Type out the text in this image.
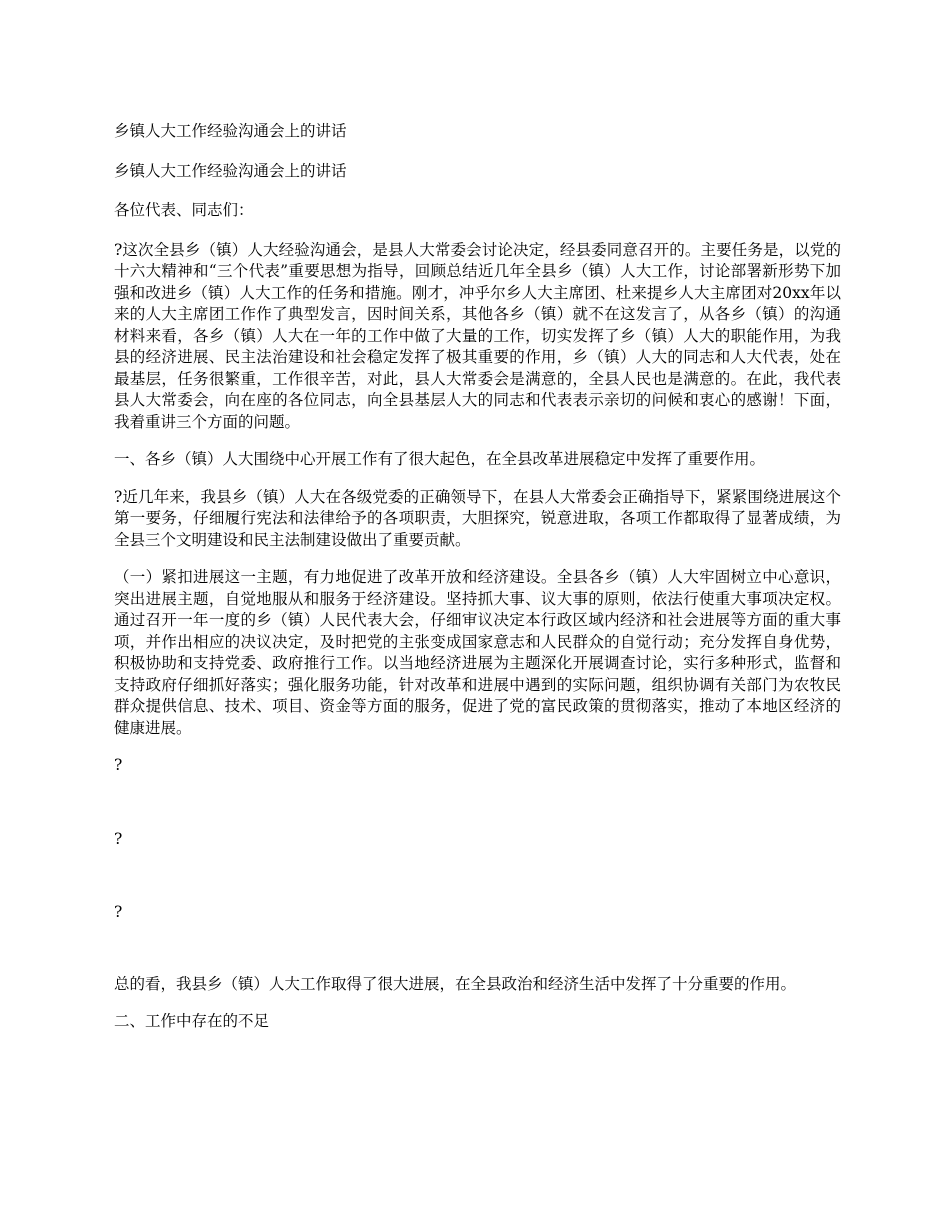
乡镇人大工作经验沟通会上的讲话

乡镇人大工作经验沟通会上的讲话

各位代表、同志们：

?这次全县乡（镇）人大经验沟通会，是县人大常委会讨论决定，经县委同意召开的。主要任务是，以党的十六大精神和“三个代表”重要思想为指导，回顾总结近几年全县乡（镇）人大工作，讨论部署新形势下加强和改进乡（镇）人大工作的任务和措施。刚才，冲乎尔乡人大主席团、杜来提乡人大主席团对20xx年以来的人大主席团工作作了典型发言，因时间关系，其他各乡（镇）就不在这发言了，从各乡（镇）的沟通材料来看，各乡（镇）人大在一年的工作中做了大量的工作，切实发挥了乡（镇）人大的职能作用，为我县的经济进展、民主法治建设和社会稳定发挥了极其重要的作用，乡（镇）人大的同志和人大代表，处在最基层，任务很繁重，工作很辛苦，对此，县人大常委会是满意的，全县人民也是满意的。在此，我代表县人大常委会，向在座的各位同志，向全县基层人大的同志和代表表示亲切的问候和衷心的感谢！下面，我着重讲三个方面的问题。

一、各乡（镇）人大围绕中心开展工作有了很大起色，在全县改革进展稳定中发挥了重要作用。

?近几年来，我县乡（镇）人大在各级党委的正确领导下，在县人大常委会正确指导下，紧紧围绕进展这个第一要务，仔细履行宪法和法律给予的各项职责，大胆探究，锐意进取，各项工作都取得了显著成绩，为全县三个文明建设和民主法制建设做出了重要贡献。

（一）紧扣进展这一主题，有力地促进了改革开放和经济建设。全县各乡（镇）人大牢固树立中心意识，突出进展主题，自觉地服从和服务于经济建设。坚持抓大事、议大事的原则，依法行使重大事项决定权。通过召开一年一度的乡（镇）人民代表大会，仔细审议决定本行政区域内经济和社会进展等方面的重大事项，并作出相应的决议决定，及时把党的主张变成国家意志和人民群众的自觉行动；充分发挥自身优势，积极协助和支持党委、政府推行工作。以当地经济进展为主题深化开展调查讨论，实行多种形式，监督和支持政府仔细抓好落实；强化服务功能，针对改革和进展中遇到的实际问题，组织协调有关部门为农牧民群众提供信息、技术、项目、资金等方面的服务，促进了党的富民政策的贯彻落实，推动了本地区经济的健康进展。

?

?

?

总的看，我县乡（镇）人大工作取得了很大进展，在全县政治和经济生活中发挥了十分重要的作用。

二、工作中存在的不足
